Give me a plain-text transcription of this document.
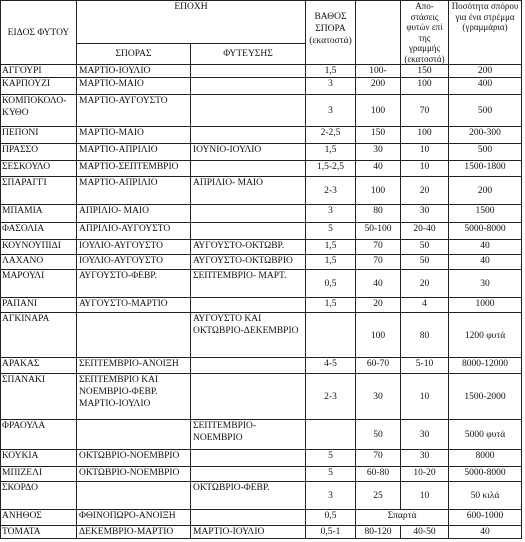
ΕΙΔΟΣ ΦΥΤΟΥ	ΕΠΟΧΗ		ΒΑΘΟΣ ΣΠΟΡΑ (εκατοστά)		Απο-στάσεις φυτών επί της γραμμής (εκατοστά)	Ποσότητα σπόρου για ένα στρέμμα (γραμμάρια)
	ΣΠΟΡΑΣ	ΦΥΤΕΥΣΗΣ				
ΑΓΓΟΥΡΙ	ΜΑΡΤΙΟ-ΙΟΥΛΙΟ		1,5	100-	150	200
ΚΑΡΠΟΥΖΙ	ΜΑΡΤΙΟ-ΜΑΙΟ		3	200	100	400
ΚΟΜΠΟΚΟΛΟ-ΚΥΘΟ	ΜΑΡΤΙΟ-ΑΥΓΟΥΣΤΟ		3	100	70	500
ΠΕΠΟΝΙ	ΜΑΡΤΙΟ-ΜΑΙΟ		2-2,5	150	100	200-300
ΠΡΑΣΣΟ	ΜΑΡΤΙΟ-ΑΠΡΙΛΙΟ	ΙΟΥΝΙΟ-ΙΟΥΛΙΟ	1,5	30	10	500
ΣΕΣΚΟΥΛΟ	ΜΑΡΤΙΟ-ΣΕΠΤΕΜΒΡΙΟ		1,5-2,5	40	10	1500-1800
ΣΠΑΡΑΓΓΙ	ΜΑΡΤΙΟ-ΑΠΡΙΛΙΟ	ΑΠΡΙΛΙΟ- ΜΑΙΟ	2-3	100	20	200
ΜΠΑΜΙΑ	ΑΠΡΙΛΙΟ- ΜΑΙΟ		3	80	30	1500
ΦΑΣΟΛΙΑ	ΑΠΡΙΛΙΟ-ΑΥΓΟΥΣΤΟ		5	50-100	20-40	5000-8000
ΚΟΥΝΟΥΠΙΔΙ	ΙΟΥΛΙΟ-ΑΥΓΟΥΣΤΟ	ΑΥΓΟΥΣΤΟ-ΟΚΤΩΒΡ.	1,5	70	50	40
ΛΑΧΑΝΟ	ΙΟΥΛΙΟ-ΑΥΓΟΥΣΤΟ	ΑΥΓΟΥΣΤΟ-ΟΚΤΩΒΡΙΟ	1,5	70	50	40
ΜΑΡΟΥΛΙ	ΑΥΓΟΥΣΤΟ-ΦΕΒΡ.	ΣΕΠΤΕΜΒΡΙΟ- ΜΑΡΤ.	0,5	40	20	30
ΡΑΠΑΝΙ	ΑΥΓΟΥΣΤΟ-ΜΑΡΤΙΟ		1,5	20	4	1000
ΑΓΚΙΝΑΡΑ		ΑΥΓΟΥΣΤΟ ΚΑΙ ΟΚΤΩΒΡΙΟ-ΔΕΚΕΜΒΡΙΟ		100	80	1200 φυτά
ΑΡΑΚΑΣ	ΣΕΠΤΕΜΒΡΙΟ-ΑΝΟΙΞΗ		4-5	60-70	5-10	8000-12000
ΣΠΑΝΑΚΙ	ΣΕΠΤΕΜΒΡΙΟ ΚΑΙ ΝΟΕΜΒΡΙΟ-ΦΕΒΡ. ΜΑΡΤΙΟ-ΙΟΥΛΙΟ		2-3	30	10	1500-2000
ΦΡΑΟΥΛΑ		ΣΕΠΤΕΜΒΡΙΟ-ΝΟΕΜΒΡΙΟ		50	30	5000 φυτά
ΚΟΥΚΙΑ	ΟΚΤΩΒΡΙΟ-ΝΟΕΜΒΡΙΟ		5	70	30	8000
ΜΠΙΖΕΛΙ	ΟΚΤΩΒΡΙΟ-ΝΟΕΜΒΡΙΟ		5	60-80	10-20	5000-8000
ΣΚΟΡΔΟ		ΟΚΤΩΒΡΙΟ-ΦΕΒΡ.	3	25	10	50 κιλά
ΑΝΗΘΟΣ	ΦΘΙΝΟΠΩΡΟ-ΑΝΟΙΞΗ		0,5	Σπαρτά		600-1000
ΤΟΜΑΤΑ	ΔΕΚΕΜΒΡΙΟ-ΜΑΡΤΙΟ	ΜΑΡΤΙΟ-ΙΟΥΛΙΟ	0,5-1	80-120	40-50	40
